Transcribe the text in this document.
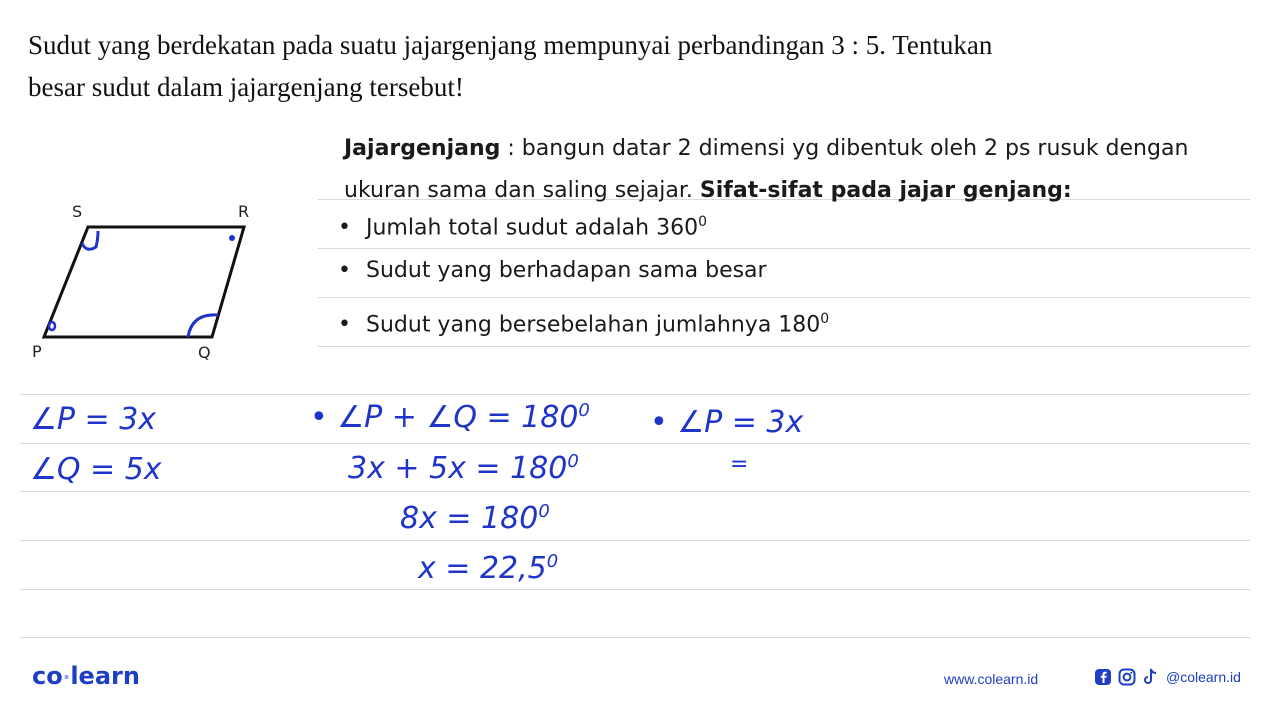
Sudut yang berdekatan pada suatu jajargenjang mempunyai perbandingan 3 : 5. Tentukan
besar sudut dalam jajargenjang tersebut!
Jajargenjang : bangun datar 2 dimensi yg dibentuk oleh 2 ps rusuk dengan ukuran sama dan saling sejajar. Sifat-sifat pada jajar genjang:
• Jumlah total sudut adalah $360^0$
• Sudut yang berhadapan sama besar
• Sudut yang bersebelahan jumlahnya $180^0$
S	R
P	Q
∠P = 3x
∠Q = 5x
• ∠P + ∠Q = $180^0$
$3x + 5x = 180^0$
$8x = 180^0$
$x = 22,5^0$
• ∠P = 3x
=
co·learn	www.colearn.id	@colearn.id
